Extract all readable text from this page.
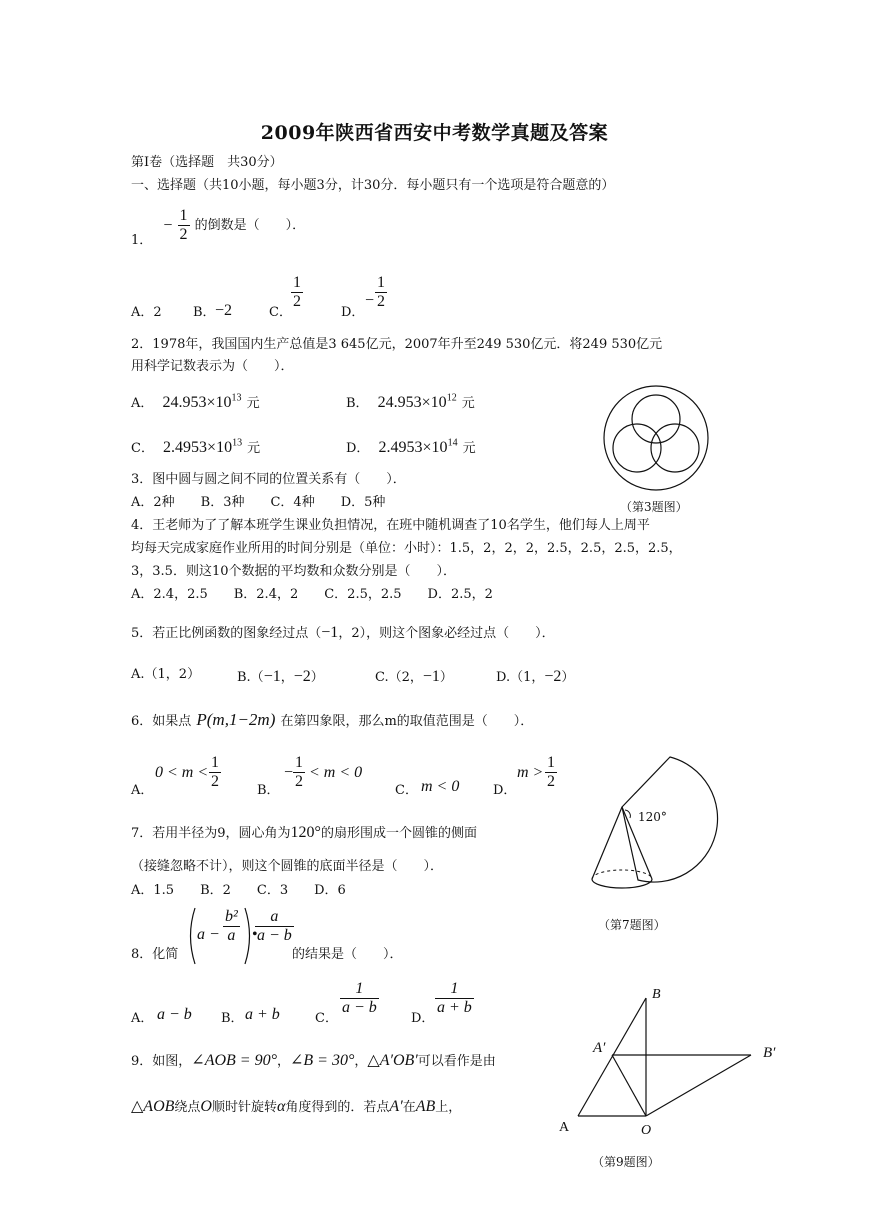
2009年陕西省西安中考数学真题及答案
第Ⅰ卷（选择题　共30分）
一、选择题（共10小题，每小题3分，计30分．每小题只有一个选项是符合题意的）
1． − $\frac{1}{2}$ 的倒数是（　　）．
A．2 B． −2	C．
$\frac{1}{2}$
D．
− $\frac{1}{2}$
2．1978年，我国国内生产总值是3 645亿元，2007年升至249 530亿元．将249 530亿元
用科学记数表示为（　　）．
A． $24.953\times 10^{13}$ 元	B． $24.953\times 10^{12}$ 元
C． $2.4953\times 10^{13}$ 元	D． $2.4953\times 10^{14}$ 元
（第3题图）
3．图中圆与圆之间不同的位置关系有（　　）．
A．2种　　B．3种　　C．4种　　D．5种
4．王老师为了了解本班学生课业负担情况，在班中随机调查了10名学生，他们每人上周平
均每天完成家庭作业所用的时间分别是（单位：小时）：1.5，2，2，2，2.5，2.5，2.5，2.5，
3，3.5．则这10个数据的平均数和众数分别是（　　）．
A．2.4，2.5　　B．2.4，2　　C．2.5，2.5　　D．2.5，2
5．若正比例函数的图象经过点（−1，2），则这个图象必经过点（　　）．
A.（1，2）	B.（−1，−2）	C.（2，−1）	D.（1，−2）
6．如果点 P(m,1−2m) 在第四象限，那么m的取值范围是（　　）．
A．
$0 < m < \frac{1}{2}$	B．
− $\frac{1}{2} < m < 0$
C． m < 0	D．
$m > \frac{1}{2}$
120°
（第7题图）
7．若用半径为9，圆心角为120°的扇形围成一个圆锥的侧面
（接缝忽略不计），则这个圆锥的底面半径是（　　）．
A．1.5　　B．2　　C．3　　D．6
8．化简
$a - \frac{\text{b²}}{a}$ •
$\frac{a}{a - b}$
的结果是（　　）．
A． a − b B． a + b	C．
$\frac{1}{a - b}$
D．
$\frac{1}{a + b}$	B
A′	B′
A	O
（第9题图）
9．如图，∠AOB = 90°，∠B = 30°，△A′OB′可以看作是由
△AOB绕点O顺时针旋转α角度得到的．若点A′在AB上，
